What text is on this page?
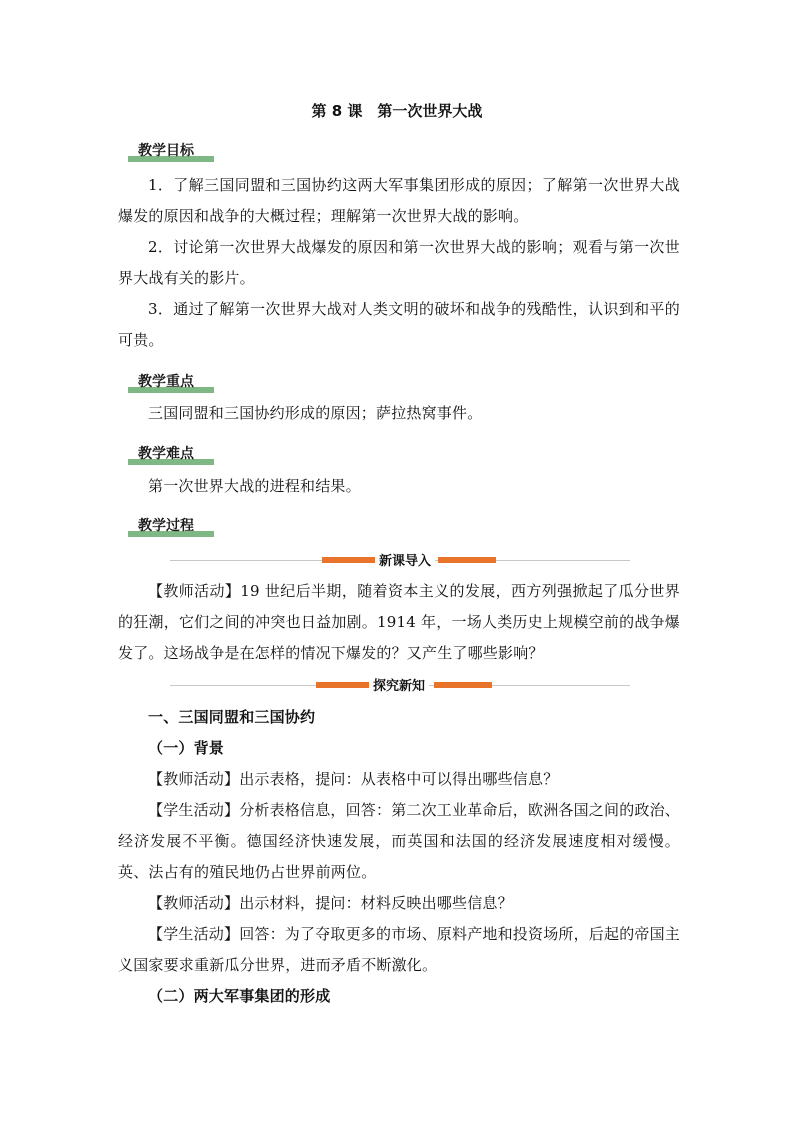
第 8 课　第一次世界大战
教学目标
1．了解三国同盟和三国协约这两大军事集团形成的原因；了解第一次世界大战爆发的原因和战争的大概过程；理解第一次世界大战的影响。
2．讨论第一次世界大战爆发的原因和第一次世界大战的影响；观看与第一次世界大战有关的影片。
3．通过了解第一次世界大战对人类文明的破坏和战争的残酷性，认识到和平的可贵。
教学重点
三国同盟和三国协约形成的原因；萨拉热窝事件。
教学难点
第一次世界大战的进程和结果。
教学过程
新课导入
【教师活动】19 世纪后半期，随着资本主义的发展，西方列强掀起了瓜分世界的狂潮，它们之间的冲突也日益加剧。1914 年，一场人类历史上规模空前的战争爆发了。这场战争是在怎样的情况下爆发的？又产生了哪些影响？
探究新知
一、三国同盟和三国协约
（一）背景
【教师活动】出示表格，提问：从表格中可以得出哪些信息？
【学生活动】分析表格信息，回答：第二次工业革命后，欧洲各国之间的政治、经济发展不平衡。德国经济快速发展，而英国和法国的经济发展速度相对缓慢。英、法占有的殖民地仍占世界前两位。
【教师活动】出示材料，提问：材料反映出哪些信息？
【学生活动】回答：为了夺取更多的市场、原料产地和投资场所，后起的帝国主义国家要求重新瓜分世界，进而矛盾不断激化。
（二）两大军事集团的形成
